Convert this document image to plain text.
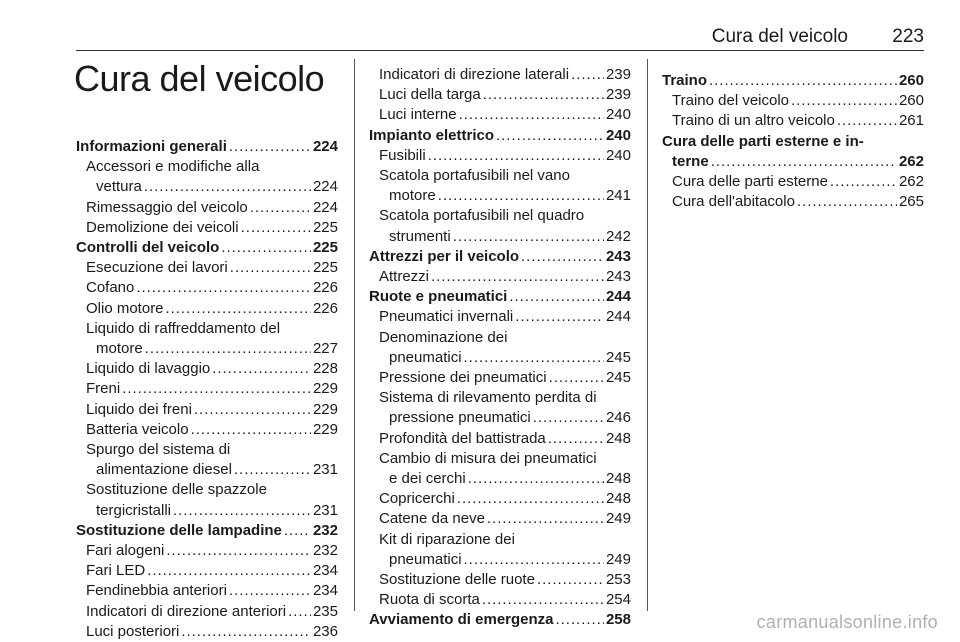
Cura del veicolo 223
Cura del veicolo
Informazioni generali . . .	224
Accessori e modifiche alla
vettura . . .	224
Rimessaggio del veicolo . . .	224
Demolizione dei veicoli . . .	225
Controlli del veicolo . . .	225
Esecuzione dei lavori . . .	225
Cofano . . .	226
Olio motore . . .	226
Liquido di raffreddamento del
motore . . .	227
Liquido di lavaggio . . .	228
Freni . . .	229
Liquido dei freni . . .	229
Batteria veicolo . . .	229
Spurgo del sistema di
alimentazione diesel . . .	231
Sostituzione delle spazzole
tergicristalli . . .	231
Sostituzione delle lampadine . . . 232
Fari alogeni . . .	232
Fari LED . . .	234
Fendinebbia anteriori . . .	234
Indicatori di direzione anteriori . . . 235
Luci posteriori . . .	236
Indicatori di direzione laterali . . . 239
Luci della targa . . .	239
Luci interne . . .	240
Impianto elettrico . . .	240
Fusibili . . .	240
Scatola portafusibili nel vano
motore . . .	241
Scatola portafusibili nel quadro
strumenti . . .	242
Attrezzi per il veicolo . . .	243
Attrezzi . . .	243
Ruote e pneumatici . . .	244
Pneumatici invernali . . .	244
Denominazione dei
pneumatici . . .	245
Pressione dei pneumatici . . .	245
Sistema di rilevamento perdita di
pressione pneumatici . . .	246
Profondità del battistrada . . .	248
Cambio di misura dei pneumatici
e dei cerchi . . .	248
Copricerchi . . .	248
Catene da neve . . .	249
Kit di riparazione dei
pneumatici . . .	249
Sostituzione delle ruote . . .	253
Ruota di scorta . . .	254
Avviamento di emergenza . . .	258
Traino . . .	260
Traino del veicolo . . .	260
Traino di un altro veicolo . . .	261
Cura delle parti esterne e in-
terne . . .	262
Cura delle parti esterne . . .	262
Cura dell'abitacolo . . .	265
carmanualsonline.info
